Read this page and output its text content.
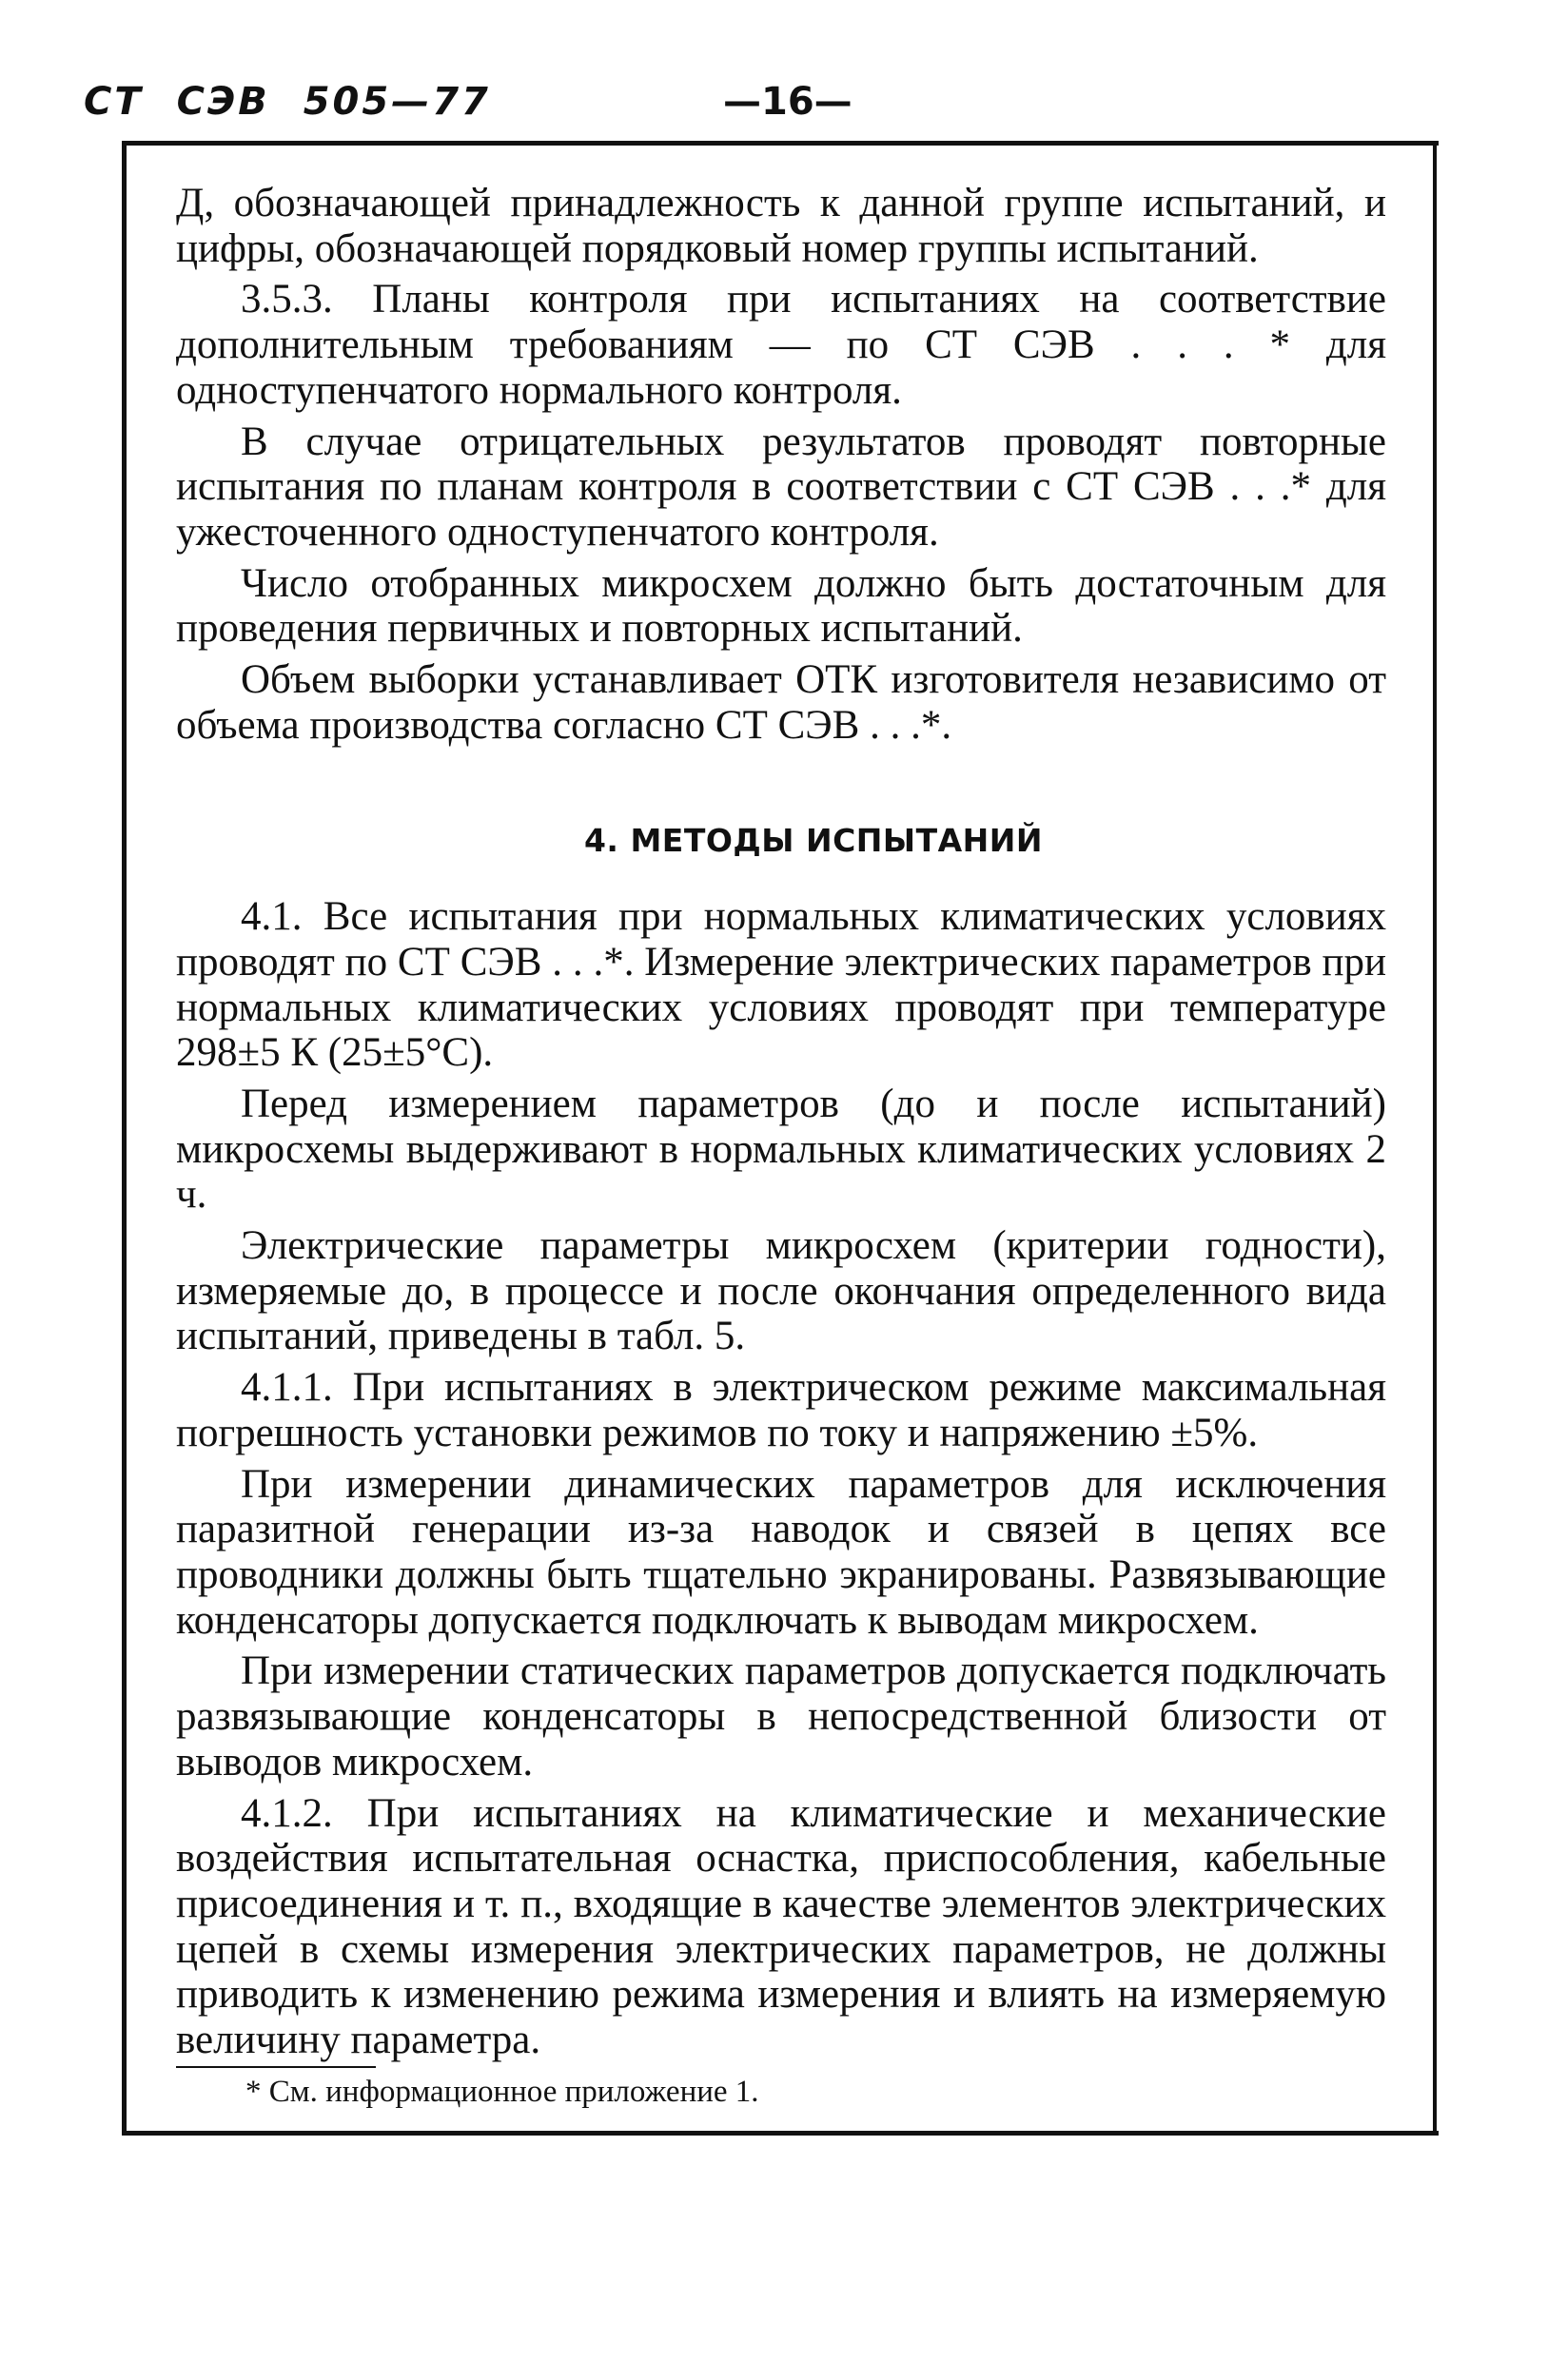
СТ СЭВ 505—77	—16—

Д, обозначающей принадлежность к данной группе испытаний, и цифры, обозначающей порядковый номер группы испытаний.

3.5.3. Планы контроля при испытаниях на соответствие дополнительным требованиям — по СТ СЭВ . . . * для одноступенчатого нормального контроля.

В случае отрицательных результатов проводят повторные испытания по планам контроля в соответствии с СТ СЭВ . . .* для ужесточенного одноступенчатого контроля.

Число отобранных микросхем должно быть достаточным для проведения первичных и повторных испытаний.

Объем выборки устанавливает ОТК изготовителя независимо от объема производства согласно СТ СЭВ . . .*.

4. МЕТОДЫ ИСПЫТАНИЙ

4.1. Все испытания при нормальных климатических условиях проводят по СТ СЭВ . . .*. Измерение электрических параметров при нормальных климатических условиях проводят при температуре 298±5 К (25±5°С).

Перед измерением параметров (до и после испытаний) микросхемы выдерживают в нормальных климатических условиях 2 ч.

Электрические параметры микросхем (критерии годности), измеряемые до, в процессе и после окончания определенного вида испытаний, приведены в табл. 5.

4.1.1. При испытаниях в электрическом режиме максимальная погрешность установки режимов по току и напряжению ±5%.

При измерении динамических параметров для исключения паразитной генерации из-за наводок и связей в цепях все проводники должны быть тщательно экранированы. Развязывающие конденсаторы допускается подключать к выводам микросхем.

При измерении статических параметров допускается подключать развязывающие конденсаторы в непосредственной близости от выводов микросхем.

4.1.2. При испытаниях на климатические и механические воздействия испытательная оснастка, приспособления, кабельные присоединения и т. п., входящие в качестве элементов электрических цепей в схемы измерения электрических параметров, не должны приводить к изменению режима измерения и влиять на измеряемую величину параметра.

* См. информационное приложение 1.
